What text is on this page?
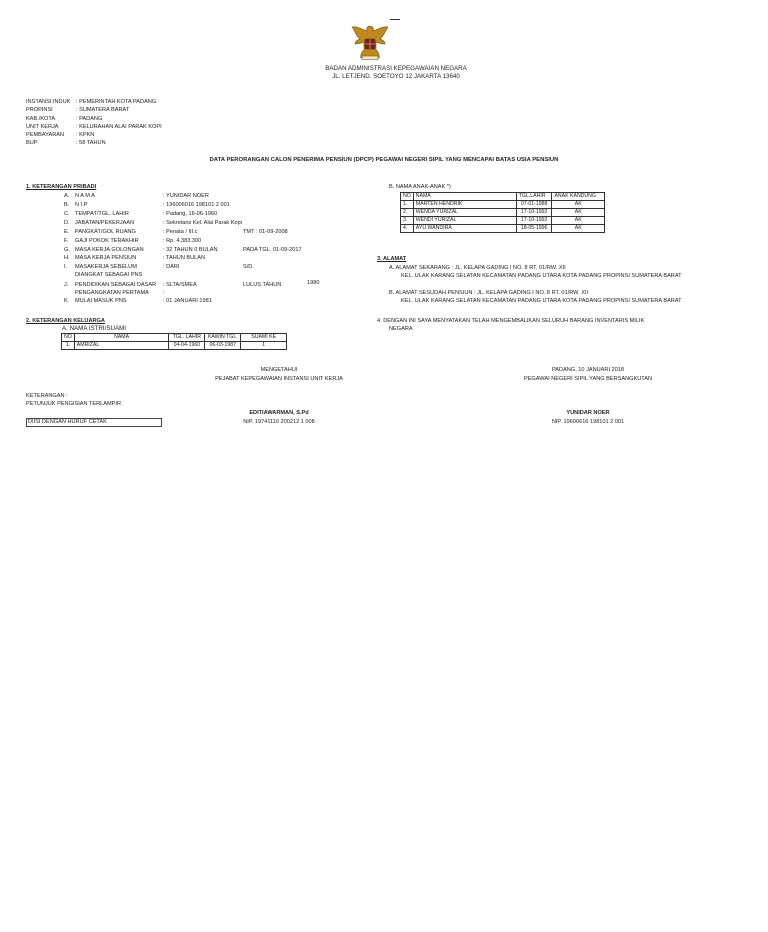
BADAN ADMINISTRASI KEPEGAWAIAN NEGARA
JL. LETJEND. SOETOYO 12 JAKARTA 13640
INSTANSI INDUK : PEMERINTAH KOTA PADANG
PROPINSI	: SUMATERA BARAT
KAB./KOTA	: PADANG
UNIT KERJA	: KELURAHAN ALAI PARAK KOPI
PEMBAYARAN : KPKN
BUP	: 58 TAHUN
DATA PERORANGAN CALON PENERIMA PENSIUN (DPCP) PEGAWAI NEGERI SIPIL YANG MENCAPAI BATAS USIA PENSIUN
1. KETERANGAN PRIBADI
A. N A M A	: YUNIDAR NOER
B. N I P	: 196006016 198101 2 001
C. TEMPAT/TGL. LAHIR	: Padang, 16-06-1960
D. JABATAN/PEKERJAAN	: Sekretaris Kel. Alai Parak Kopi
E. PANGKAT/GOL RUANG	: Penata / III.c	TMT : 01-09-2008
F. GAJI POKOK TERAKHIR	: Rp. 4.383.300
G. MASA KERJA GOLONGAN	: 32 TAHUN 0 BULAN	PADA TGL. 01-09-2017
H. MASA KERJA PENSIUN	: TAHUN BULAN
I. MASAKERJA SEBELUM
DIANGKAT SEBAGAI PNS
: DARI	S/D
J. PENDIDIKAN SEBAGAI DASAR
PENGANGKATAN PERTAMA
: SLTA/SMEA
:
LULUS TAHUN	1980
K. MULAI MASUK PNS	: 01 JANUARI 1981
2. KETERANGAN KELUARGA
A. NAMA ISTRI/SUAMI
NO	NAMA	TGL. LAHIR	KAWIN TGL.	SUAMI KE
1.	AMRIZAL	04-04-1960	06-03-1987	1
B. NAMA ANAK-ANAK *)
NO	NAMA	TGL.LAHIR	ANAK KANDUNG
1.	MARTEN HENDRIK	07-01-1988	AK
2.	WENDA YURIZAL	17-10-1992	AK
3.	WENDI YURIZAL	17-10-1992	AK
4.	AYU WANDIRA	18-05-1996	AK
3. ALAMAT
A. ALAMAT SEKARANG : JL. KELAPA GADING I NO. 8 RT. 01/RW. XII
KEL. ULAK KARANG SELATAN KECAMATAN PADANG UTARA KOTA PADANG PROPINSI SUMATERA BARAT
B. ALAMAT SESUDAH PENSIUN : JL. KELAPA GADING I NO. 8 RT. 01/RW. XII
KEL. ULAK KARANG SELATAN KECAMATAN PADANG UTARA KOTA PADANG PROPINSI SUMATERA BARAT
4. DENGAN INI SAYA MENYATAKAN TELAH MENGEMBALIKAN SELURUH BARANG INVENTARIS MILIK
NEGARA
MENGETAHUI
PEJABAT KEPEGAWAIAN INSTANSI UNIT KERJA
EDITIAWARMAN, S.Pd
NIP. 19741110 200212 1 008
PADANG, 10 JANUARI 2018
PEGAWAI NEGERI SIPIL YANG BERSANGKUTAN
YUNIDAR NOER
NIP. 19600616 198101 2 001
KETERANGAN :
PETUNJUK PENGISIAN TERLAMPIR
DIISI DENGAN HURUF CETAK
